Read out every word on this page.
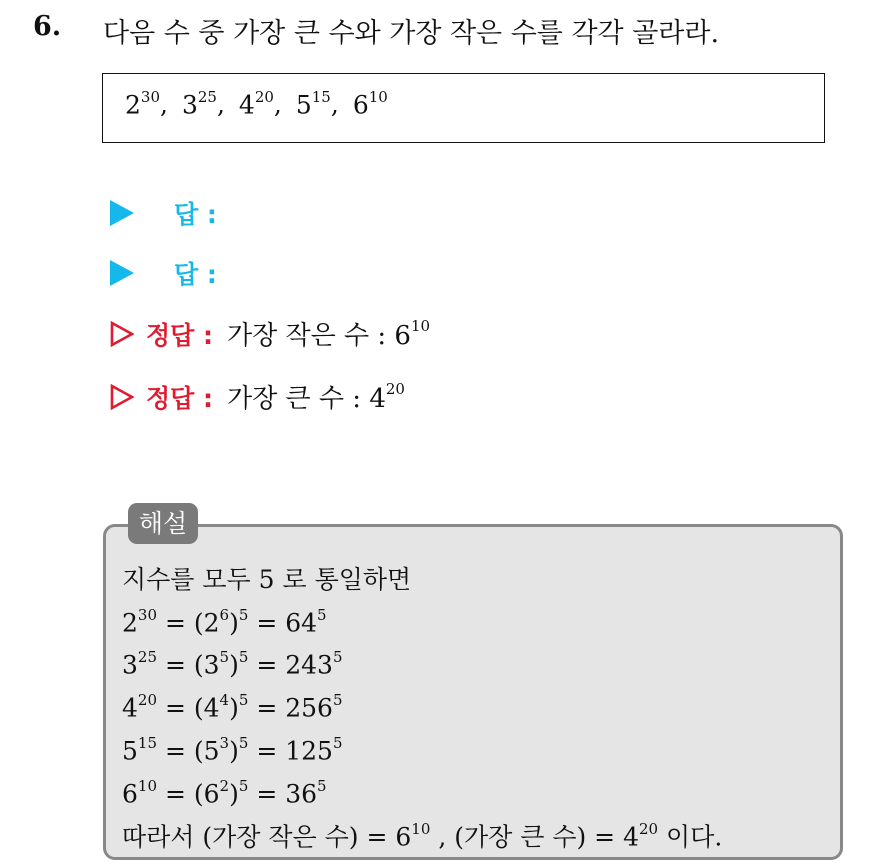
6. 다음 수 중 가장 큰 수와 가장 작은 수를 각각 골라라.
$2^{30}$, $3^{25}$, $4^{20}$, $5^{15}$, $6^{10}$
답 :
답 :
정답 : 가장 작은 수 : $6^{10}$
정답 : 가장 큰 수 : $4^{20}$
해설
지수를 모두 5 로 통일하면
$2^{30} = (2^6)^5 = 64^5$
$3^{25} = (3^5)^5 = 243^5$
$4^{20} = (4^4)^5 = 256^5$
$5^{15} = (5^3)^5 = 125^5$
$6^{10} = (6^2)^5 = 36^5$
따라서 (가장 작은 수) = $6^{10}$ , (가장 큰 수) = $4^{20}$ 이다.
